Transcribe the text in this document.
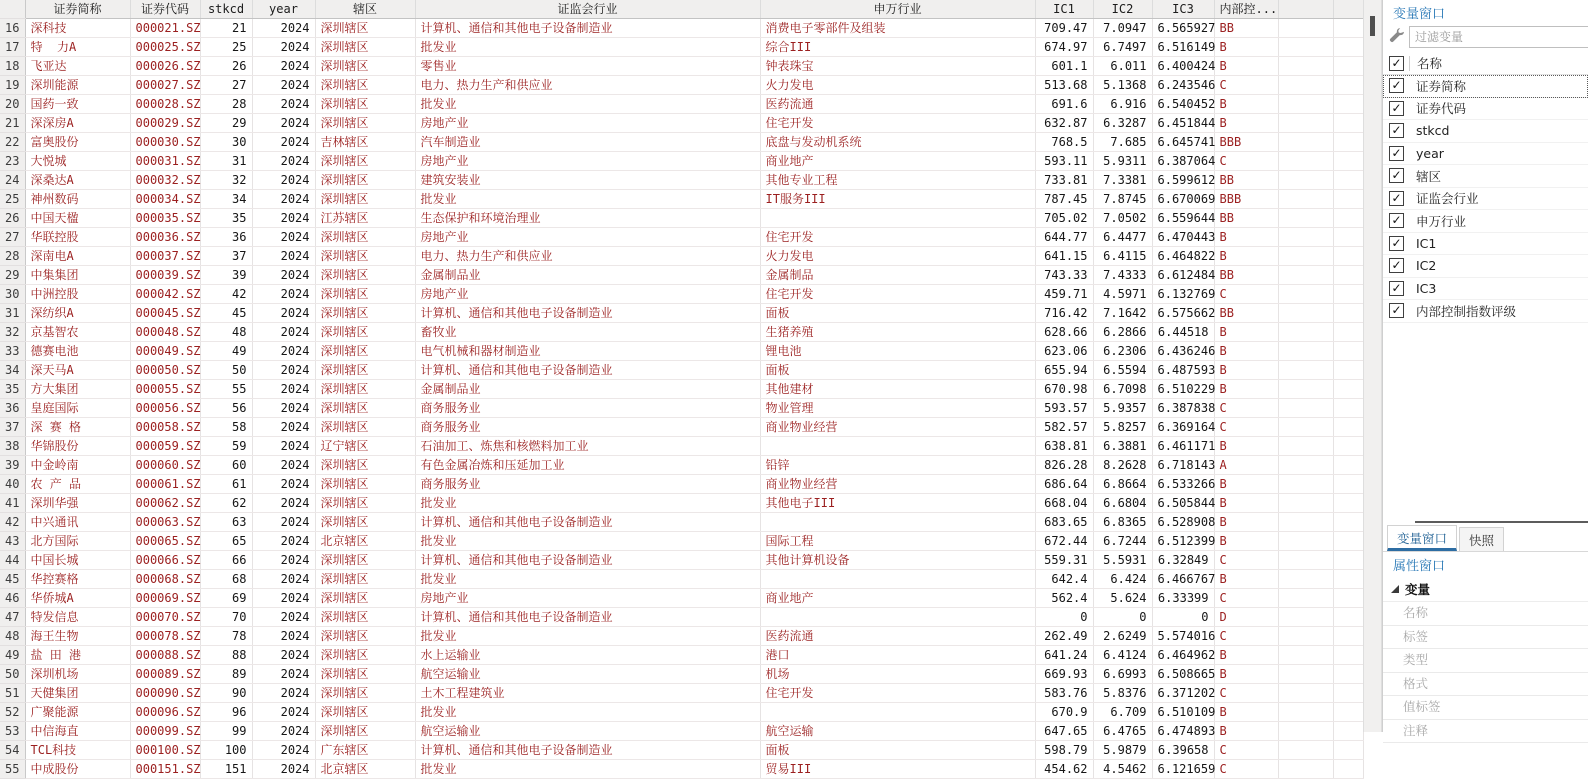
	证券简称	证券代码	stkcd	year	辖区	证监会行业	申万行业	IC1	IC2	IC3	内部控...		
16	深科技	000021.SZ	21	2024	深圳辖区	计算机、通信和其他电子设备制造业	消费电子零部件及组装	709.47	7.0947	6.565927	BB		
17	特  力A	000025.SZ	25	2024	深圳辖区	批发业	综合III	674.97	6.7497	6.516149	B		
18	飞亚达	000026.SZ	26	2024	深圳辖区	零售业	钟表珠宝	601.1	6.011	6.400424	B		
19	深圳能源	000027.SZ	27	2024	深圳辖区	电力、热力生产和供应业	火力发电	513.68	5.1368	6.243546	C		
20	国药一致	000028.SZ	28	2024	深圳辖区	批发业	医药流通	691.6	6.916	6.540452	B		
21	深深房A	000029.SZ	29	2024	深圳辖区	房地产业	住宅开发	632.87	6.3287	6.451844	B		
22	富奥股份	000030.SZ	30	2024	吉林辖区	汽车制造业	底盘与发动机系统	768.5	7.685	6.645741	BBB		
23	大悦城	000031.SZ	31	2024	深圳辖区	房地产业	商业地产	593.11	5.9311	6.387064	C		
24	深桑达A	000032.SZ	32	2024	深圳辖区	建筑安装业	其他专业工程	733.81	7.3381	6.599612	BB		
25	神州数码	000034.SZ	34	2024	深圳辖区	批发业	IT服务III	787.45	7.8745	6.670069	BBB		
26	中国天楹	000035.SZ	35	2024	江苏辖区	生态保护和环境治理业		705.02	7.0502	6.559644	BB		
27	华联控股	000036.SZ	36	2024	深圳辖区	房地产业	住宅开发	644.77	6.4477	6.470443	B		
28	深南电A	000037.SZ	37	2024	深圳辖区	电力、热力生产和供应业	火力发电	641.15	6.4115	6.464822	B		
29	中集集团	000039.SZ	39	2024	深圳辖区	金属制品业	金属制品	743.33	7.4333	6.612484	BB		
30	中洲控股	000042.SZ	42	2024	深圳辖区	房地产业	住宅开发	459.71	4.5971	6.132769	C		
31	深纺织A	000045.SZ	45	2024	深圳辖区	计算机、通信和其他电子设备制造业	面板	716.42	7.1642	6.575662	BB		
32	京基智农	000048.SZ	48	2024	深圳辖区	畜牧业	生猪养殖	628.66	6.2866	6.44518	B		
33	德赛电池	000049.SZ	49	2024	深圳辖区	电气机械和器材制造业	锂电池	623.06	6.2306	6.436246	B		
34	深天马A	000050.SZ	50	2024	深圳辖区	计算机、通信和其他电子设备制造业	面板	655.94	6.5594	6.487593	B		
35	方大集团	000055.SZ	55	2024	深圳辖区	金属制品业	其他建材	670.98	6.7098	6.510229	B		
36	皇庭国际	000056.SZ	56	2024	深圳辖区	商务服务业	物业管理	593.57	5.9357	6.387838	C		
37	深 赛 格	000058.SZ	58	2024	深圳辖区	商务服务业	商业物业经营	582.57	5.8257	6.369164	C		
38	华锦股份	000059.SZ	59	2024	辽宁辖区	石油加工、炼焦和核燃料加工业		638.81	6.3881	6.461171	B		
39	中金岭南	000060.SZ	60	2024	深圳辖区	有色金属冶炼和压延加工业	铅锌	826.28	8.2628	6.718143	A		
40	农 产 品	000061.SZ	61	2024	深圳辖区	商务服务业	商业物业经营	686.64	6.8664	6.533266	B		
41	深圳华强	000062.SZ	62	2024	深圳辖区	批发业	其他电子III	668.04	6.6804	6.505844	B		
42	中兴通讯	000063.SZ	63	2024	深圳辖区	计算机、通信和其他电子设备制造业		683.65	6.8365	6.528908	B		
43	北方国际	000065.SZ	65	2024	北京辖区	批发业	国际工程	672.44	6.7244	6.512399	B		
44	中国长城	000066.SZ	66	2024	深圳辖区	计算机、通信和其他电子设备制造业	其他计算机设备	559.31	5.5931	6.32849	C		
45	华控赛格	000068.SZ	68	2024	深圳辖区	批发业		642.4	6.424	6.466767	B		
46	华侨城A	000069.SZ	69	2024	深圳辖区	房地产业	商业地产	562.4	5.624	6.33399	C		
47	特发信息	000070.SZ	70	2024	深圳辖区	计算机、通信和其他电子设备制造业		0	0	0	D		
48	海王生物	000078.SZ	78	2024	深圳辖区	批发业	医药流通	262.49	2.6249	5.574016	C		
49	盐 田 港	000088.SZ	88	2024	深圳辖区	水上运输业	港口	641.24	6.4124	6.464962	B		
50	深圳机场	000089.SZ	89	2024	深圳辖区	航空运输业	机场	669.93	6.6993	6.508665	B		
51	天健集团	000090.SZ	90	2024	深圳辖区	土木工程建筑业	住宅开发	583.76	5.8376	6.371202	C		
52	广聚能源	000096.SZ	96	2024	深圳辖区	批发业		670.9	6.709	6.510109	B		
53	中信海直	000099.SZ	99	2024	深圳辖区	航空运输业	航空运输	647.65	6.4765	6.474893	B		
54	TCL科技	000100.SZ	100	2024	广东辖区	计算机、通信和其他电子设备制造业	面板	598.79	5.9879	6.39658	C		
55	中成股份	000151.SZ	151	2024	北京辖区	批发业	贸易III	454.62	4.5462	6.121659	C		
变量窗口
过滤变量
✓ 名称
✓ 证券简称
✓ 证券代码
✓ stkcd
✓ year
✓ 辖区
✓ 证监会行业
✓ 申万行业
✓ IC1
✓ IC2
✓ IC3
✓ 内部控制指数评级
变量窗口	快照
属性窗口
变量
名称
标签
类型
格式
值标签
注释
